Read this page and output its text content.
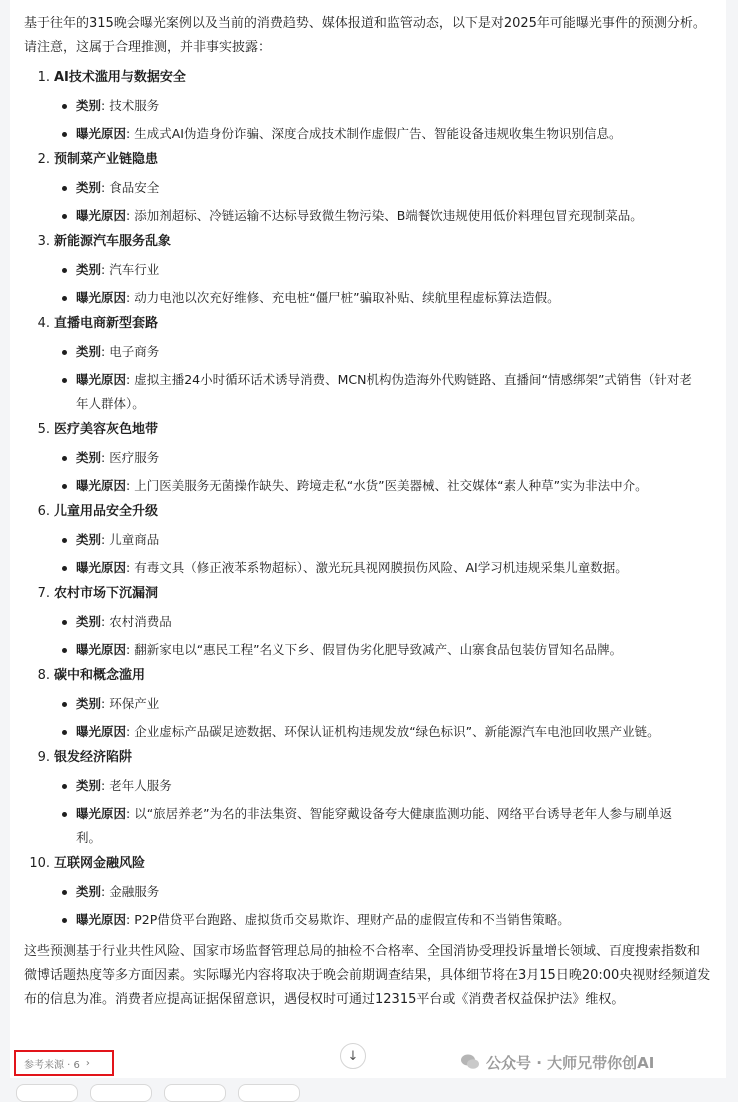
基于往年的315晚会曝光案例以及当前的消费趋势、媒体报道和监管动态，以下是对2025年可能曝光事件的预测分析。请注意，这属于合理推测，并非事实披露：

1. AI技术滥用与数据安全
类别: 技术服务
曝光原因: 生成式AI伪造身份诈骗、深度合成技术制作虚假广告、智能设备违规收集生物识别信息。
2. 预制菜产业链隐患
类别: 食品安全
曝光原因: 添加剂超标、冷链运输不达标导致微生物污染、B端餐饮违规使用低价料理包冒充现制菜品。
3. 新能源汽车服务乱象
类别: 汽车行业
曝光原因: 动力电池以次充好维修、充电桩“僵尸桩”骗取补贴、续航里程虚标算法造假。
4. 直播电商新型套路
类别: 电子商务
曝光原因: 虚拟主播24小时循环话术诱导消费、MCN机构伪造海外代购链路、直播间“情感绑架”式销售（针对老年人群体）。
5. 医疗美容灰色地带
类别: 医疗服务
曝光原因: 上门医美服务无菌操作缺失、跨境走私“水货”医美器械、社交媒体“素人种草”实为非法中介。
6. 儿童用品安全升级
类别: 儿童商品
曝光原因: 有毒文具（修正液苯系物超标）、激光玩具视网膜损伤风险、AI学习机违规采集儿童数据。
7. 农村市场下沉漏洞
类别: 农村消费品
曝光原因: 翻新家电以“惠民工程”名义下乡、假冒伪劣化肥导致减产、山寨食品包装仿冒知名品牌。
8. 碳中和概念滥用
类别: 环保产业
曝光原因: 企业虚标产品碳足迹数据、环保认证机构违规发放“绿色标识”、新能源汽车电池回收黑产业链。
9. 银发经济陷阱
类别: 老年人服务
曝光原因: 以“旅居养老”为名的非法集资、智能穿戴设备夸大健康监测功能、网络平台诱导老年人参与刷单返利。
10. 互联网金融风险
类别: 金融服务
曝光原因: P2P借贷平台跑路、虚拟货币交易欺诈、理财产品的虚假宣传和不当销售策略。

这些预测基于行业共性风险、国家市场监督管理总局的抽检不合格率、全国消协受理投诉量增长领域、百度搜索指数和微博话题热度等多方面因素。实际曝光内容将取决于晚会前期调查结果，具体细节将在3月15日晚20:00央视财经频道发布的信息为准。消费者应提高证据保留意识，遇侵权时可通过12315平台或《消费者权益保护法》维权。

↓
参考来源 · 6 ›	公众号 · 大师兄带你创AI
